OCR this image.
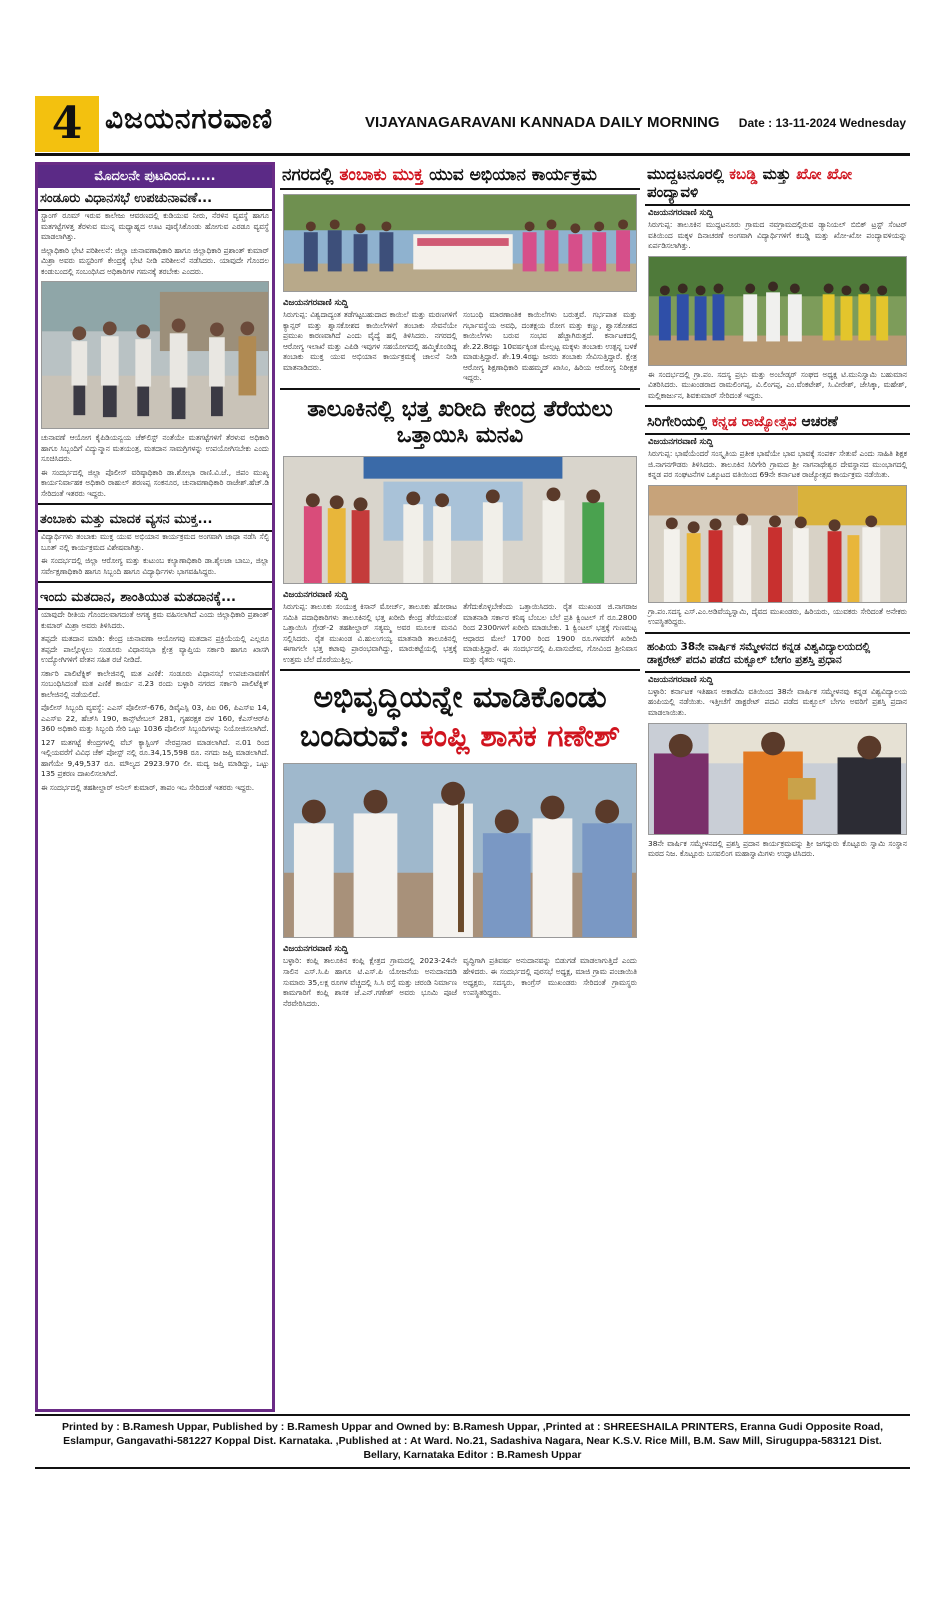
4 ವಿಜಯನಗರವಾಣಿ	VIJAYANAGARAVANI KANNADA DAILY MORNING Date : 13-11-2024 Wednesday
ಮೊದಲನೇ ಪುಟದಿಂದ......
ಸಂಡೂರು ವಿಧಾನಸಭೆ ಉಪಚುನಾವಣೆ...

ಸ್ಟ್ರಾಂಗ್ ರೂಮ್ ಇರುವ ಕಾಲೇಜು ಆವರಣದಲ್ಲಿ ಕುಡಿಯುವ ನೀರು, ನೆರಳಿನ ವ್ಯವಸ್ಥೆ ಹಾಗೂ ಮತಗಟ್ಟೆಗಳತ್ತ ತೆರಳುವ ಮುನ್ನ ಮಧ್ಯಾಹ್ನದ ಊಟ ಪೂರೈಸಿಕೊಂಡು ಹೋಗುವ ಎರಡೂ ವ್ಯವಸ್ಥೆ ಮಾಡಲಾಗಿತ್ತು.

ಜಿಲ್ಲಾಧಿಕಾರಿ ಭೇಟಿ ಪರಿಶೀಲನೆ: ಜಿಲ್ಲಾ ಚುನಾವಣಾಧಿಕಾರಿ ಹಾಗೂ ಜಿಲ್ಲಾಧಿಕಾರಿ ಪ್ರಶಾಂತ್ ಕುಮಾರ್ ಮಿಶ್ರಾ ಅವರು ಮಸ್ಟರಿಂಗ್ ಕೇಂದ್ರಕ್ಕೆ ಭೇಟಿ ನೀಡಿ ಪರಿಶೀಲನೆ ನಡೆಸಿದರು. ಯಾವುದೇ ಗೊಂದಲ ಕಂಡುಬಂದಲ್ಲಿ ಸಂಬಂಧಿಸಿದ ಅಧಿಕಾರಿಗಳ ಗಮನಕ್ಕೆ ತರಬೇಕು ಎಂದರು.

ಚುನಾವಣೆ ಆಯೋಗ ಕೈಪಿಡಿಯನ್ವಯ ಚೆಕ್‌ಲಿಸ್ಟ್ ನಂತೆಯೇ ಮತಗಟ್ಟೆಗಳಿಗೆ ತೆರಳುವ ಅಧಿಕಾರಿ ಹಾಗೂ ಸಿಬ್ಬಂದಿಗೆ ವಿದ್ಯುನ್ಮಾನ ಮತಯಂತ್ರ, ಮತದಾನ ಸಾಮಗ್ರಿಗಳನ್ನು ಉಪಯೋಗಿಸಬೇಕು ಎಂದು ಸೂಚಿಸಿದರು.

ಈ ಸಂದರ್ಭದಲ್ಲಿ ಜಿಲ್ಲಾ ಪೊಲೀಸ್ ವರಿಷ್ಠಾಧಿಕಾರಿ ಡಾ.ಶೋಭಾ ರಾಣಿ.ವಿ.ಜೆ., ಜಿಪಂ ಮುಖ್ಯ ಕಾರ್ಯನಿರ್ವಾಹಕ ಅಧಿಕಾರಿ ರಾಹುಲ್ ಶರಣಪ್ಪ ಸಂಕನೂರ, ಚುನಾವಣಾಧಿಕಾರಿ ರಾಜೇಶ್.ಹೆಚ್.ಡಿ ಸೇರಿದಂತೆ ಇತರರು ಇದ್ದರು.

ತಂಬಾಕು ಮತ್ತು ಮಾದಕ ವ್ಯಸನ ಮುಕ್ತ...

ವಿದ್ಯಾರ್ಥಿಗಳು ತಂಬಾಕು ಮುಕ್ತ ಯುವ ಅಭಿಯಾನ ಕಾರ್ಯಕ್ರಮದ ಅಂಗವಾಗಿ ಜಾಥಾ ನಡೆಸಿ ಸೆಲ್ಫಿ ಬೂತ್ ನಲ್ಲಿ ಕಾರ್ಯಕ್ರಮದ ವಿಶೇಷವಾಗಿತ್ತು.

ಈ ಸಂದರ್ಭದಲ್ಲಿ ಜಿಲ್ಲಾ ಆರೋಗ್ಯ ಮತ್ತು ಕುಟುಂಬ ಕಲ್ಯಾಣಾಧಿಕಾರಿ ಡಾ.ಶೈಲಜಾ ಬಾಬು, ಜಿಲ್ಲಾ ಸರ್ವೇಕ್ಷಣಾಧಿಕಾರಿ ಹಾಗೂ ಸಿಬ್ಬಂದಿ ಹಾಗೂ ವಿದ್ಯಾರ್ಥಿಗಳು ಭಾಗವಹಿಸಿದ್ದರು.

ಇಂದು ಮತದಾನ, ಶಾಂತಿಯುತ ಮತದಾನಕ್ಕೆ...

ಯಾವುದೇ ರೀತಿಯ ಗೊಂದಲವಾಗದಂತೆ ಅಗತ್ಯ ಕ್ರಮ ವಹಿಸಲಾಗಿದೆ ಎಂದು ಜಿಲ್ಲಾಧಿಕಾರಿ ಪ್ರಶಾಂತ್ ಕುಮಾರ್ ಮಿಶ್ರಾ ಅವರು ತಿಳಿಸಿದರು.

ತಪ್ಪದೇ ಮತದಾನ ಮಾಡಿ: ಕೇಂದ್ರ ಚುನಾವಣಾ ಆಯೋಗವು ಮತದಾನ ಪ್ರಕ್ರಿಯೆಯಲ್ಲಿ ಎಲ್ಲರೂ ತಪ್ಪದೇ ಪಾಲ್ಗೊಳ್ಳಲು ಸಂಡೂರು ವಿಧಾನಸಭಾ ಕ್ಷೇತ್ರ ವ್ಯಾಪ್ತಿಯ ಸರ್ಕಾರಿ ಹಾಗೂ ಖಾಸಗಿ ಉದ್ಯೋಗಿಗಳಿಗೆ ವೇತನ ಸಹಿತ ರಜೆ ನೀಡಿದೆ.

ಸರ್ಕಾರಿ ಪಾಲಿಟೆಕ್ನಿಕ್ ಕಾಲೇಜಿನಲ್ಲಿ ಮತ ಎಣಿಕೆ: ಸಂಡೂರು ವಿಧಾನಸಭೆ ಉಪಚುನಾವಣೆಗೆ ಸಂಬಂಧಿಸಿದಂತೆ ಮತ ಎಣಿಕೆ ಕಾರ್ಯ ನ.23 ರಂದು ಬಳ್ಳಾರಿ ನಗರದ ಸರ್ಕಾರಿ ಪಾಲಿಟೆಕ್ನಿಕ್ ಕಾಲೇಜಿನಲ್ಲಿ ನಡೆಯಲಿದೆ.

ಪೊಲೀಸ್ ಸಿಬ್ಬಂದಿ ವ್ಯವಸ್ಥೆ: ಎಎಸ್ ಪೊಲೀಸ್-676, ಡಿವೈಎಸ್ಪಿ 03, ಪಿಐ 06, ಪಿಎಸ್ಐ 14, ಎಎಸ್ಐ 22, ಹೆಚ್‌ಸಿ 190, ಕಾನ್ಸ್‌ಟೇಬಲ್ 281, ಗೃಹರಕ್ಷಕ ದಳ 160, ಕೆಎಸ್‌ಆರ್‌ಪಿ 360 ಅಧಿಕಾರಿ ಮತ್ತು ಸಿಬ್ಬಂದಿ ಸೇರಿ ಒಟ್ಟು 1036 ಪೊಲೀಸ್ ಸಿಬ್ಬಂದಿಗಳನ್ನು ನಿಯೋಜಿಸಲಾಗಿದೆ.

127 ಮತಗಟ್ಟೆ ಕೇಂದ್ರಗಳಲ್ಲಿ ವೆಬ್ ಕ್ಯಾಸ್ಟಿಂಗ್ ನೇರಪ್ರಸಾರ ಮಾಡಲಾಗಿದೆ. ನ.01 ರಿಂದ ಇಲ್ಲಿಯವರೆಗೆ ವಿವಿಧ ಚೆಕ್ ಪೋಸ್ಟ್ ನಲ್ಲಿ ರೂ.34,15,598 ರೂ. ನಗದು ಜಪ್ತಿ ಮಾಡಲಾಗಿದೆ. ಹಾಗೆಯೇ 9,49,537 ರೂ. ಮೌಲ್ಯದ 2923.970 ಲೀ. ಮದ್ಯ ಜಪ್ತಿ ಮಾಡಿದ್ದು, ಒಟ್ಟು 135 ಪ್ರಕರಣ ದಾಖಲಿಸಲಾಗಿದೆ.

ಈ ಸಂದರ್ಭದಲ್ಲಿ ತಹಶೀಲ್ದಾರ್ ಅನಿಲ್ ಕುಮಾರ್, ತಾಪಂ ಇಒ ಸೇರಿದಂತೆ ಇತರರು ಇದ್ದರು.

ನಗರದಲ್ಲಿ ತಂಬಾಕು ಮುಕ್ತ ಯುವ ಅಭಿಯಾನ ಕಾರ್ಯಕ್ರಮ
ವಿಜಯನಗರವಾಣಿ ಸುದ್ದಿ
ಸಿರುಗುಪ್ಪ: ವಿಶ್ವದಾದ್ಯಂತ ತಡೆಗಟ್ಟಬಹುದಾದ ಕಾಯಿಲೆ ಮತ್ತು ಮರಣಗಳಿಗೆ ಕ್ಯಾನ್ಸರ್ ಮತ್ತು ಶ್ವಾಸಕೋಶದ ಕಾಯಿಲೆಗಳಿಗೆ ತಂಬಾಕು ಸೇವನೆಯೇ ಪ್ರಮುಖ ಕಾರಣವಾಗಿದೆ ಎಂದು ವೈದ್ಯೆ ಹಲ್ಲಿ ತಿಳಿಸಿದರು. ನಗರದಲ್ಲಿ ಆರೋಗ್ಯ ಇಲಾಖೆ ಮತ್ತು ಎಪಿಡಿ ಇವುಗಳ ಸಹಯೋಗದಲ್ಲಿ ಹಮ್ಮಿಕೊಂಡಿದ್ದ ತಂಬಾಕು ಮುಕ್ತ ಯುವ ಅಭಿಯಾನ ಕಾರ್ಯಕ್ರಮಕ್ಕೆ ಚಾಲನೆ ನೀಡಿ ಮಾತನಾಡಿದರು.
ಸಂಬಂಧಿ ಮಾರಣಾಂತಿಕ ಕಾಯಿಲೆಗಳು ಬರುತ್ತವೆ. ಗರ್ಭಪಾತ ಮತ್ತು ಗರ್ಭಾವಸ್ಥೆಯ ಅವಧಿ, ದಂತಕ್ಷಯ ರೋಗ ಮತ್ತು ಕಣ್ಣು, ಶ್ವಾಸಕೋಶದ ಕಾಯಿಲೆಗಳು ಬರುವ ಸಂಭವ ಹೆಚ್ಚಾಗಿರುತ್ತದೆ. ಕರ್ನಾಟಕದಲ್ಲಿ ಶೇ.22.8ರಷ್ಟು 10ವರ್ಷಕ್ಕಿಂತ ಮೇಲ್ಪಟ್ಟ ಮಕ್ಕಳು ತಂಬಾಕು ಉತ್ಪನ್ನ ಬಳಕೆ ಮಾಡುತ್ತಿದ್ದಾರೆ. ಶೇ.19.4ರಷ್ಟು ಜನರು ತಂಬಾಕು ಸೇವಿಸುತ್ತಿದ್ದಾರೆ. ಕ್ಷೇತ್ರ ಆರೋಗ್ಯ ಶಿಕ್ಷಣಾಧಿಕಾರಿ ಮಹಮ್ಮದ್ ಖಾಸಿಂ, ಹಿರಿಯ ಆರೋಗ್ಯ ನಿರೀಕ್ಷಕ ಇದ್ದರು.
ತಾಲೂಕಿನಲ್ಲಿ ಭತ್ತ ಖರೀದಿ ಕೇಂದ್ರ ತೆರೆಯಲು ಒತ್ತಾಯಿಸಿ ಮನವಿ
ವಿಜಯನಗರವಾಣಿ ಸುದ್ದಿ
ಸಿರುಗುಪ್ಪ: ತಾಲೂಕು ಸಂಯುಕ್ತ ಕಿಸಾನ್ ಮೋರ್ಚ್, ತಾಲೂಕು ಹೋರಾಟ ಸಮಿತಿ ಪದಾಧಿಕಾರಿಗಳು ತಾಲೂಕಿನಲ್ಲಿ ಭತ್ತ ಖರೀದಿ ಕೇಂದ್ರ ತೆರೆಯುವಂತೆ ಒತ್ತಾಯಿಸಿ ಗ್ರೇಡ್-2 ತಹಶೀಲ್ದಾರ್ ಸತ್ಯಮ್ಮ ಅವರ ಮೂಲಕ ಮನವಿ ಸಲ್ಲಿಸಿದರು. ರೈತ ಮುಖಂಡ ವಿ.ಹುಲುಗಯ್ಯ ಮಾತನಾಡಿ ತಾಲೂಕಿನಲ್ಲಿ ಈಗಾಗಲೇ ಭತ್ತ ಕಟಾವು ಪ್ರಾರಂಭವಾಗಿದ್ದು, ಮಾರುಕಟ್ಟೆಯಲ್ಲಿ ಭತ್ತಕ್ಕೆ ಉತ್ತಮ ಬೆಲೆ ದೊರೆಯುತ್ತಿಲ್ಲ.
ತೆಗೆದುಕೊಳ್ಳಬೇಕೆಂದು ಒತ್ತಾಯಿಸಿದರು. ರೈತ ಮುಖಂಡ ಜಿ.ನಾಗರಾಜ ಮಾತನಾಡಿ ಸರ್ಕಾರ ಕನಿಷ್ಠ ಬೆಂಬಲ ಬೆಲೆ ಪ್ರತಿ ಕ್ವಿಂಟಲ್ ಗೆ ರೂ.2800 ರಿಂದ 2300ಗಳಗೆ ಖರೀದಿ ಮಾಡಬೇಕು. 1 ಕ್ವಿಂಟಲ್ ಭತ್ತಕ್ಕೆ ಗುಣಮಟ್ಟ ಆಧಾರದ ಮೇಲೆ 1700 ರಿಂದ 1900 ರೂ.ಗಳವರೆಗೆ ಖರೀದಿ ಮಾಡುತ್ತಿದ್ದಾರೆ. ಈ ಸಂದರ್ಭದಲ್ಲಿ ಪಿ.ವಾಸುದೇವ, ಗೋವಿಂದ ಶ್ರೀನಿವಾಸ ಮತ್ತು ರೈತರು ಇದ್ದರು.
ಅಭಿವೃದ್ಧಿಯನ್ನೇ ಮಾಡಿಕೊಂಡು
ಬಂದಿರುವೆ: ಕಂಪ್ಲಿ ಶಾಸಕ ಗಣೇಶ್
ವಿಜಯನಗರವಾಣಿ ಸುದ್ದಿ
ಬಳ್ಳಾರಿ: ಕಂಪ್ಲಿ ತಾಲೂಕಿನ ಕಂಪ್ಲಿ ಕ್ಷೇತ್ರದ ಗ್ರಾಮದಲ್ಲಿ 2023-24ನೇ ಸಾಲಿನ ಎಸ್.ಸಿ.ಪಿ ಹಾಗೂ ಟಿ.ಎಸ್.ಪಿ ಯೋಜನೆಯ ಅನುದಾನದಡಿ ಸುಮಾರು 35,ಲಕ್ಷ ರೂಗಳ ವೆಚ್ಚದಲ್ಲಿ ಸಿ.ಸಿ ರಸ್ತೆ ಮತ್ತು ಚರಂಡಿ ನಿರ್ಮಾಣ ಕಾಮಗಾರಿಗೆ ಕಂಪ್ಲಿ ಶಾಸಕ ಜೆ.ಎನ್.ಗಣೇಶ್ ಅವರು ಭೂಮಿ ಪೂಜೆ ನೆರವೇರಿಸಿದರು.
ವೃದ್ಧಿಗಾಗಿ ಪ್ರತಿವರ್ಷ ಅನುದಾನವನ್ನು ಬಿಡುಗಡೆ ಮಾಡಲಾಗುತ್ತಿದೆ ಎಂದು ಹೇಳಿದರು. ಈ ಸಂದರ್ಭದಲ್ಲಿ ಪುರಸಭೆ ಅಧ್ಯಕ್ಷ, ಮಾಜಿ ಗ್ರಾಮ ಪಂಚಾಯಿತಿ ಅಧ್ಯಕ್ಷರು, ಸದಸ್ಯರು, ಕಾಂಗ್ರೆಸ್ ಮುಖಂಡರು ಸೇರಿದಂತೆ ಗ್ರಾಮಸ್ಥರು ಉಪಸ್ಥಿತರಿದ್ದರು.
ಮುದ್ದಟನೂರಲ್ಲಿ ಕಬಡ್ಡಿ ಮತ್ತು ಖೋ ಖೋ ಪಂದ್ಯಾವಳಿ
ವಿಜಯನಗರವಾಣಿ ಸುದ್ದಿ

ಸಿರುಗುಪ್ಪ: ತಾಲೂಕಿನ ಮುದ್ದಟನೂರು ಗ್ರಾಮದ ನವಗ್ರಾಮದಲ್ಲಿರುವ ಡ್ಯಾನಿಯಲ್ ಬಿಬಿಕ್ ಟ್ರಸ್ಟ್ ಸೆಂಟರ್ ವತಿಯಿಂದ ಮಕ್ಕಳ ದಿನಾಚರಣೆ ಅಂಗವಾಗಿ ವಿದ್ಯಾರ್ಥಿಗಳಿಗೆ ಕಬಡ್ಡಿ ಮತ್ತು ಖೋ-ಖೋ ಪಂದ್ಯಾವಳಿಯನ್ನು ಏರ್ಪಡಿಸಲಾಗಿತ್ತು.

ಈ ಸಂದರ್ಭದಲ್ಲಿ ಗ್ರಾ.ಪಂ. ಸದಸ್ಯ ಪ್ರಭು ಮತ್ತು ಅಂಬೇಡ್ಕರ್ ಸಂಘದ ಅಧ್ಯಕ್ಷ ಟಿ.ಮುನಿಸ್ವಾಮಿ ಬಹುಮಾನ ವಿತರಿಸಿದರು. ಮುಖಂಡರಾದ ರಾಮಲಿಂಗಪ್ಪ, ವಿ.ಲಿಂಗಪ್ಪ, ಎಂ.ವೆಂಕಟೇಶ್, ಸಿ.ವೀರೇಶ್, ಜೇಸಿಕ್ಕಾ, ಮಹೇಶ್, ಮಲ್ಲಿಕಾರ್ಜುನ, ಶಿವಕುಮಾರ್ ಸೇರಿದಂತೆ ಇದ್ದರು.

ಸಿರಿಗೇರಿಯಲ್ಲಿ ಕನ್ನಡ ರಾಜ್ಯೋತ್ಸವ ಆಚರಣೆ
ವಿಜಯನಗರವಾಣಿ ಸುದ್ದಿ

ಸಿರುಗುಪ್ಪ: ಭಾಷೆಯೆಂದರೆ ಸಂಸ್ಕೃತಿಯ ಪ್ರತೀಕ ಭಾಷೆಯೇ ಭಾವ ಭಾವಕ್ಕೆ ಸಂಪರ್ಕ ಸೇತುವೆ ಎಂದು ಸಾಹಿತಿ ಶಿಕ್ಷಕ ಜಿ.ನಾಗನಗೌಡರು ತಿಳಿಸಿದರು. ತಾಲೂಕಿನ ಸಿರಿಗೇರಿ ಗ್ರಾಮದ ಶ್ರೀ ನಾಗನಾಥೇಶ್ವರ ದೇವಸ್ಥಾನದ ಮುಂಭಾಗದಲ್ಲಿ ಕನ್ನಡ ಪರ ಸಂಘಟನೆಗಳ ಒಕ್ಕೂಟದ ವತಿಯಿಂದ 69ನೇ ಕರ್ನಾಟಕ ರಾಜ್ಯೋತ್ಸವ ಕಾರ್ಯಕ್ರಮ ನಡೆಯಿತು.

ಗ್ರಾ.ಪಂ.ಸದಸ್ಯ ಎಸ್.ಎಂ.ಅಡಿವೆಯ್ಯಸ್ವಾಮಿ, ದೈವದ ಮುಖಂಡರು, ಹಿರಿಯರು, ಯುವಕರು ಸೇರಿದಂತೆ ಅನೇಕರು ಉಪಸ್ಥಿತರಿದ್ದರು.

ಹಂಪಿಯ 38ನೇ ವಾರ್ಷಿಕ ಸಮ್ಮೇಳನದ ಕನ್ನಡ ವಿಶ್ವವಿದ್ಯಾಲಯದಲ್ಲಿ ಡಾಕ್ಟರೇಟ್ ಪದವಿ ಪಡೆದ ಮಕ್ಬೂಲ್ ಬೇಗಂ ಪ್ರಶಸ್ತಿ ಪ್ರಧಾನ
ವಿಜಯನಗರವಾಣಿ ಸುದ್ದಿ

ಬಳ್ಳಾರಿ: ಕರ್ನಾಟಕ ಇತಿಹಾಸ ಅಕಾಡೆಮಿ ವತಿಯಿಂದ 38ನೇ ವಾರ್ಷಿಕ ಸಮ್ಮೇಳನವು ಕನ್ನಡ ವಿಶ್ವವಿದ್ಯಾಲಯ ಹಂಪಿಯಲ್ಲಿ ನಡೆಯಿತು. ಇತ್ತೀಚೆಗೆ ಡಾಕ್ಟರೇಟ್ ಪದವಿ ಪಡೆದ ಮಕ್ಬೂಲ್ ಬೇಗಂ ಅವರಿಗೆ ಪ್ರಶಸ್ತಿ ಪ್ರದಾನ ಮಾಡಲಾಯಿತು.

38ನೇ ವಾರ್ಷಿಕ ಸಮ್ಮೇಳನದಲ್ಲಿ ಪ್ರಶಸ್ತಿ ಪ್ರದಾನ ಕಾರ್ಯಕ್ರಮವನ್ನು ಶ್ರೀ ಜಗದ್ಗುರು ಕೊಟ್ಟೂರು ಸ್ವಾಮಿ ಸಂಸ್ಥಾನ ಮಠದ ನಿಜ. ಕೊಟ್ಟೂರು ಬಸವಲಿಂಗ ಮಹಾಸ್ವಾಮಿಗಳು ಉದ್ಘಾಟಿಸಿದರು.

Printed by : B.Ramesh Uppar, Published by : B.Ramesh Uppar and Owned by: B.Ramesh Uppar, ,Printed at : SHREESHAILA PRINTERS, Eranna Gudi Opposite Road,
Eslampur, Gangavathi-581227 Koppal Dist. Karnataka. ,Published at : At Ward. No.21, Sadashiva Nagara, Near K.S.V. Rice Mill, B.M. Saw Mill, Siruguppa-583121 Dist.
Bellary, Karnataka Editor : B.Ramesh Uppar
